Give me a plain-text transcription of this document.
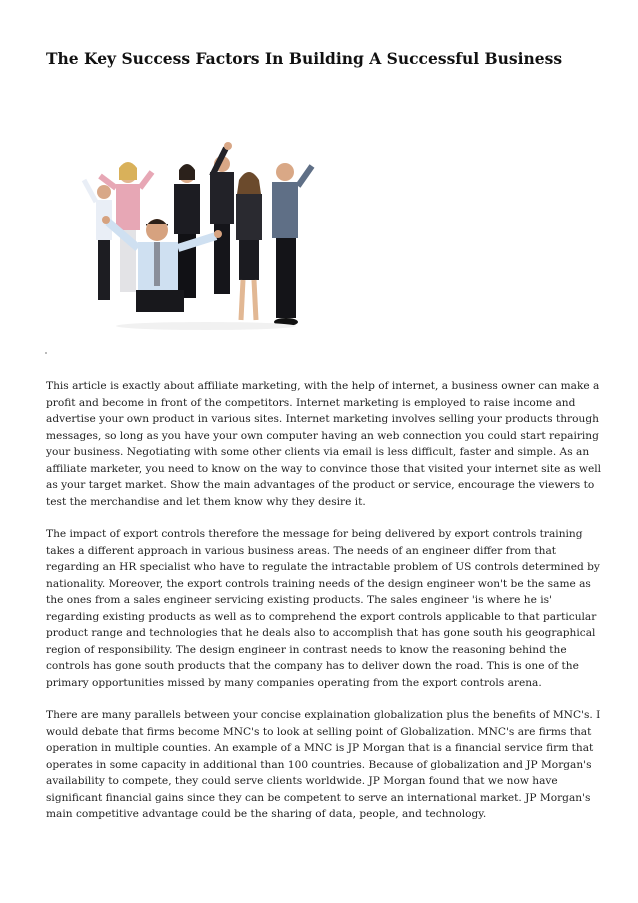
The Key Success Factors In Building A Successful Business

This article is exactly about affiliate marketing, with the help of internet, a business owner can make a profit and become in front of the competitors. Internet marketing is employed to raise income and advertise your own product in various sites. Internet marketing involves selling your products through messages, so long as you have your own computer having an web connection you could start repairing your business. Negotiating with some other clients via email is less difficult, faster and simple. As an affiliate marketer, you need to know on the way to convince those that visited your internet site as well as your target market. Show the main advantages of the product or service, encourage the viewers to test the merchandise and let them know why they desire it.

The impact of export controls therefore the message for being delivered by export controls training takes a different approach in various business areas. The needs of an engineer differ from that regarding an HR specialist who have to regulate the intractable problem of US controls determined by nationality. Moreover, the export controls training needs of the design engineer won't be the same as the ones from a sales engineer servicing existing products. The sales engineer 'is where he is' regarding existing products as well as to comprehend the export controls applicable to that particular product range and technologies that he deals also to accomplish that has gone south his geographical region of responsibility. The design engineer in contrast needs to know the reasoning behind the controls has gone south products that the company has to deliver down the road. This is one of the primary opportunities missed by many companies operating from the export controls arena.

There are many parallels between your concise explaination globalization plus the benefits of MNC's. I would debate that firms become MNC's to look at selling point of Globalization. MNC's are firms that operation in multiple counties. An example of a MNC is JP Morgan that is a financial service firm that operates in some capacity in additional than 100 countries. Because of globalization and JP Morgan's availability to compete, they could serve clients worldwide. JP Morgan found that we now have significant financial gains since they can be competent to serve an international market. JP Morgan's main competitive advantage could be the sharing of data, people, and technology.
